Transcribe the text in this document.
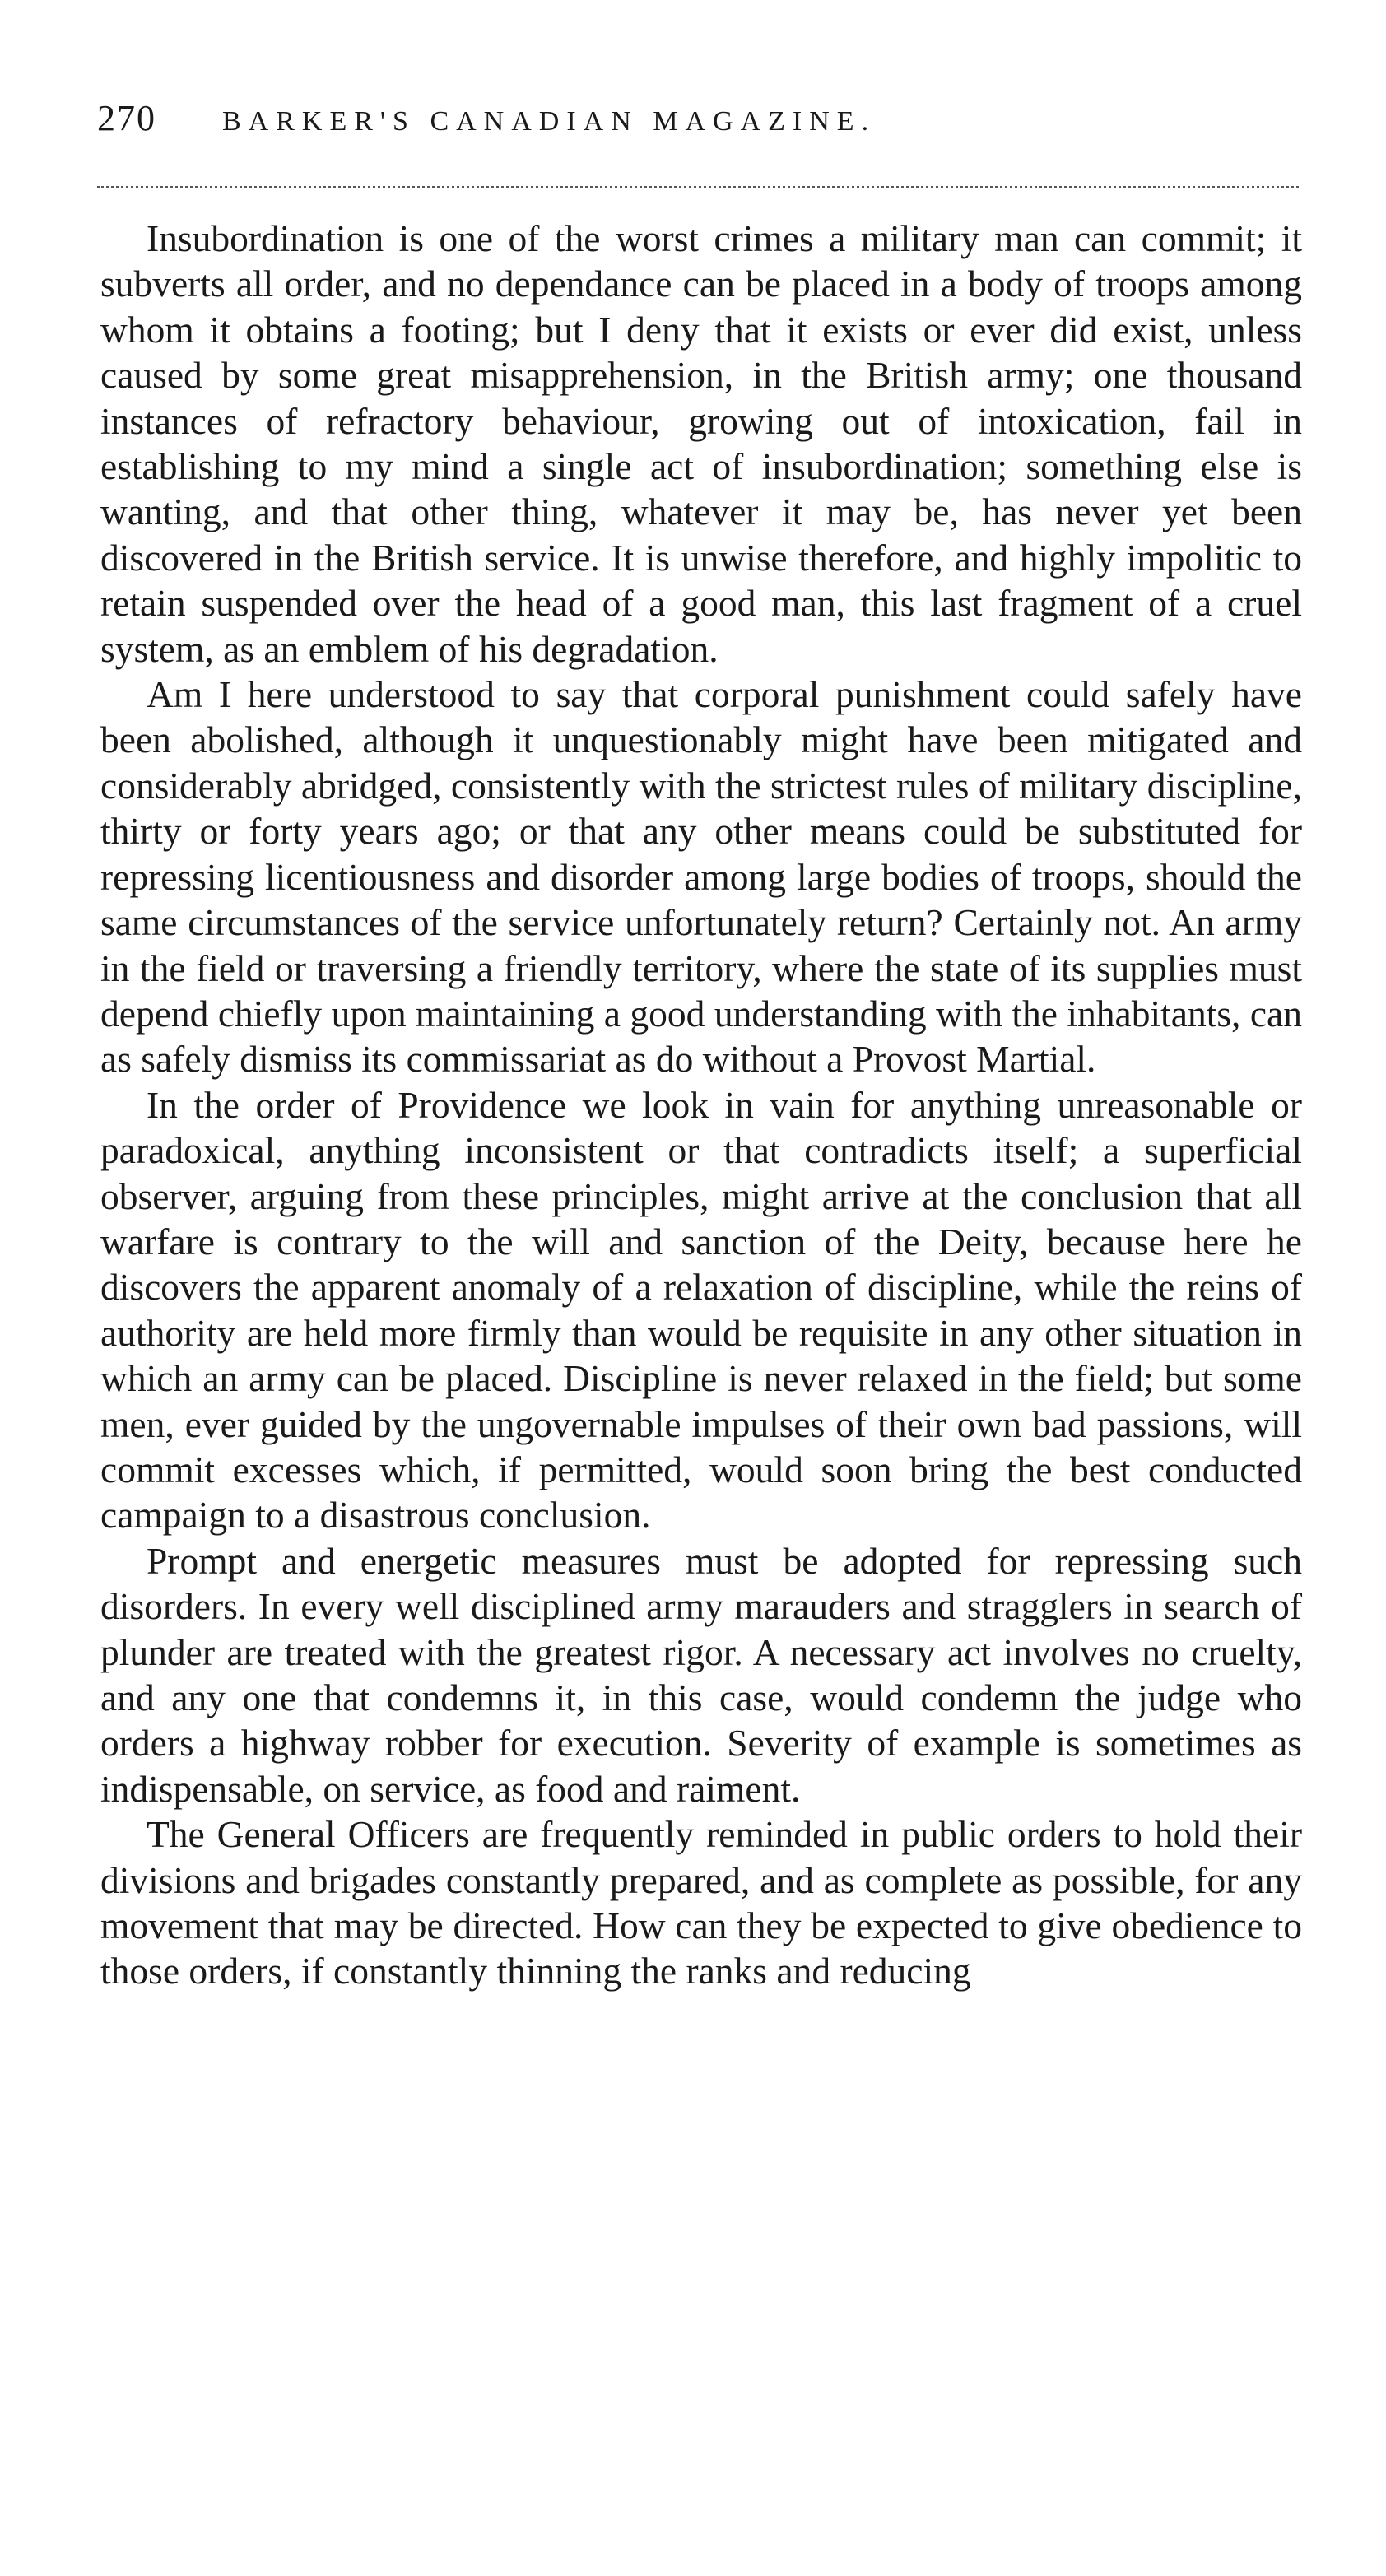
270 BARKER'S CANADIAN MAGAZINE.

Insubordination is one of the worst crimes a military man can commit; it subverts all order, and no dependance can be placed in a body of troops among whom it obtains a footing; but I deny that it exists or ever did exist, unless caused by some great misapprehension, in the British army; one thousand instances of refractory behaviour, growing out of intoxication, fail in establishing to my mind a single act of insubordination; something else is wanting, and that other thing, whatever it may be, has never yet been discovered in the British service. It is unwise therefore, and highly impolitic to retain suspended over the head of a good man, this last fragment of a cruel system, as an emblem of his degradation.

Am I here understood to say that corporal punishment could safely have been abolished, although it unquestionably might have been mitigated and considerably abridged, consistently with the strictest rules of military discipline, thirty or forty years ago; or that any other means could be substituted for repressing licentiousness and disorder among large bodies of troops, should the same circumstances of the service unfortunately return? Certainly not. An army in the field or traversing a friendly territory, where the state of its supplies must depend chiefly upon maintaining a good understanding with the inhabitants, can as safely dismiss its commissariat as do without a Provost Martial.

In the order of Providence we look in vain for anything unreasonable or paradoxical, anything inconsistent or that contradicts itself; a superficial observer, arguing from these principles, might arrive at the conclusion that all warfare is contrary to the will and sanction of the Deity, because here he discovers the apparent anomaly of a relaxation of discipline, while the reins of authority are held more firmly than would be requisite in any other situation in which an army can be placed. Discipline is never relaxed in the field; but some men, ever guided by the ungovernable impulses of their own bad passions, will commit excesses which, if permitted, would soon bring the best conducted campaign to a disastrous conclusion.

Prompt and energetic measures must be adopted for repressing such disorders. In every well disciplined army marauders and stragglers in search of plunder are treated with the greatest rigor. A necessary act involves no cruelty, and any one that condemns it, in this case, would condemn the judge who orders a highway robber for execution. Severity of example is sometimes as indispensable, on service, as food and raiment.

The General Officers are frequently reminded in public orders to hold their divisions and brigades constantly prepared, and as complete as possible, for any movement that may be directed. How can they be expected to give obedience to those orders, if constantly thinning the ranks and reducing
